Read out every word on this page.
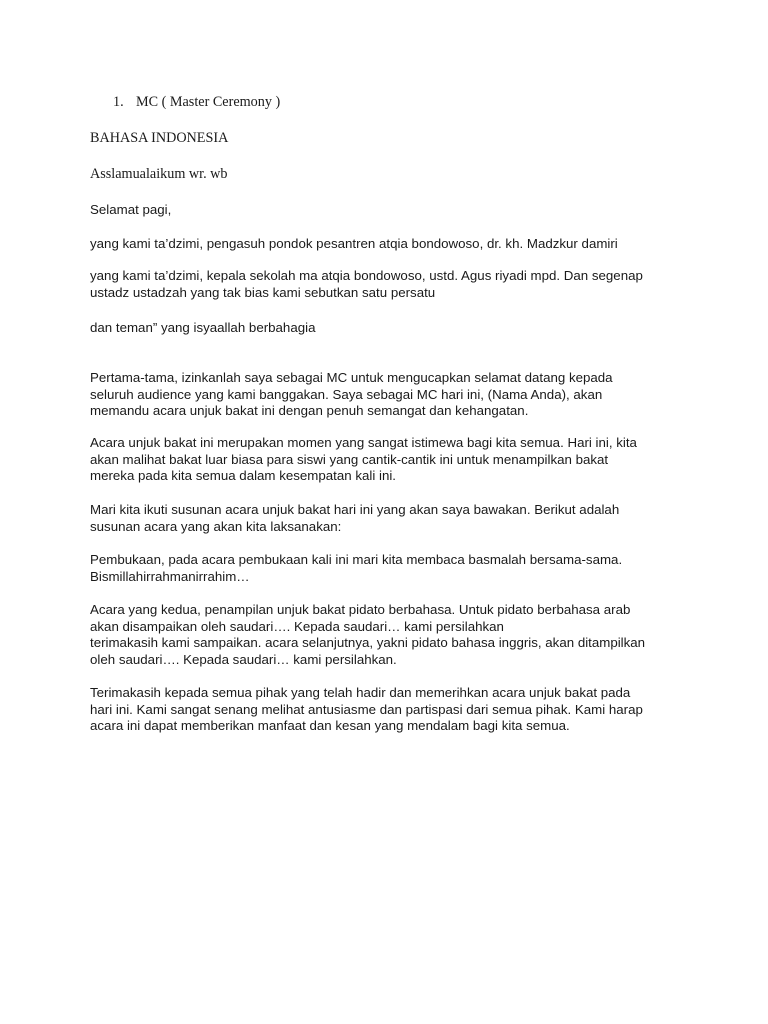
1. MC ( Master Ceremony )
BAHASA INDONESIA
Asslamualaikum wr. wb
Selamat pagi,
yang kami ta’dzimi, pengasuh pondok pesantren atqia bondowoso, dr. kh. Madzkur damiri
yang kami ta’dzimi, kepala sekolah ma atqia bondowoso, ustd. Agus riyadi mpd. Dan segenap
ustadz ustadzah yang tak bias kami sebutkan satu persatu
dan teman” yang isyaallah berbahagia
Pertama-tama, izinkanlah saya sebagai MC untuk mengucapkan selamat datang kepada
seluruh audience yang kami banggakan. Saya sebagai MC hari ini, (Nama Anda), akan
memandu acara unjuk bakat ini dengan penuh semangat dan kehangatan.
Acara unjuk bakat ini merupakan momen yang sangat istimewa bagi kita semua. Hari ini, kita
akan malihat bakat luar biasa para siswi yang cantik-cantik ini untuk menampilkan bakat
mereka pada kita semua dalam kesempatan kali ini.
Mari kita ikuti susunan acara unjuk bakat hari ini yang akan saya bawakan. Berikut adalah
susunan acara yang akan kita laksanakan:
Pembukaan, pada acara pembukaan kali ini mari kita membaca basmalah bersama-sama.
Bismillahirrahmanirrahim…
Acara yang kedua, penampilan unjuk bakat pidato berbahasa. Untuk pidato berbahasa arab
akan disampaikan oleh saudari…. Kepada saudari… kami persilahkan
terimakasih kami sampaikan. acara selanjutnya, yakni pidato bahasa inggris, akan ditampilkan
oleh saudari…. Kepada saudari… kami persilahkan.
Terimakasih kepada semua pihak yang telah hadir dan memerihkan acara unjuk bakat pada
hari ini. Kami sangat senang melihat antusiasme dan partispasi dari semua pihak. Kami harap
acara ini dapat memberikan manfaat dan kesan yang mendalam bagi kita semua.
